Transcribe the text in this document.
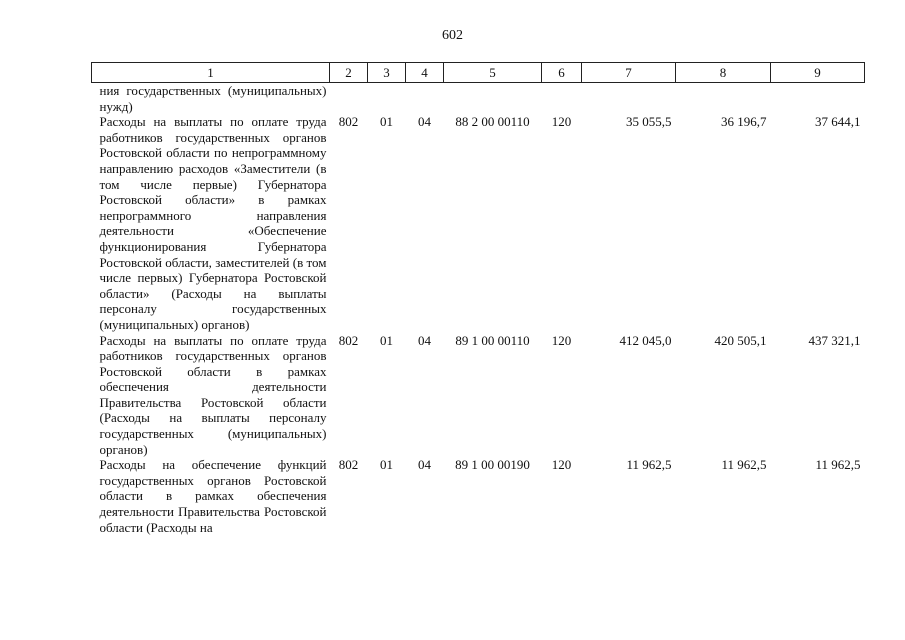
602
1	2	3	4	5	6	7	8	9
ния государственных (муниципальных) нужд)								
Расходы на выплаты по оплате труда работников государственных органов Ростовской области по непрограммному направлению расходов «Заместители (в том числе первые) Губернатора Ростовской области» в рамках непрограммного направления деятельности «Обеспечение функционирования Губернатора Ростовской области, заместителей (в том числе первых) Губернатора Ростовской области» (Расходы на выплаты персоналу государственных (муниципальных) органов)	802	01	04	88 2 00 00110	120	35 055,5	36 196,7	37 644,1
Расходы на выплаты по оплате труда работников государственных органов Ростовской области в рамках обеспечения деятельности Правительства Ростовской области (Расходы на выплаты персоналу государственных (муниципальных) органов)	802	01	04	89 1 00 00110	120	412 045,0	420 505,1	437 321,1
Расходы на обеспечение функций государственных органов Ростовской области в рамках обеспечения деятельности Правительства Ростовской области (Расходы на	802	01	04	89 1 00 00190	120	11 962,5	11 962,5	11 962,5
